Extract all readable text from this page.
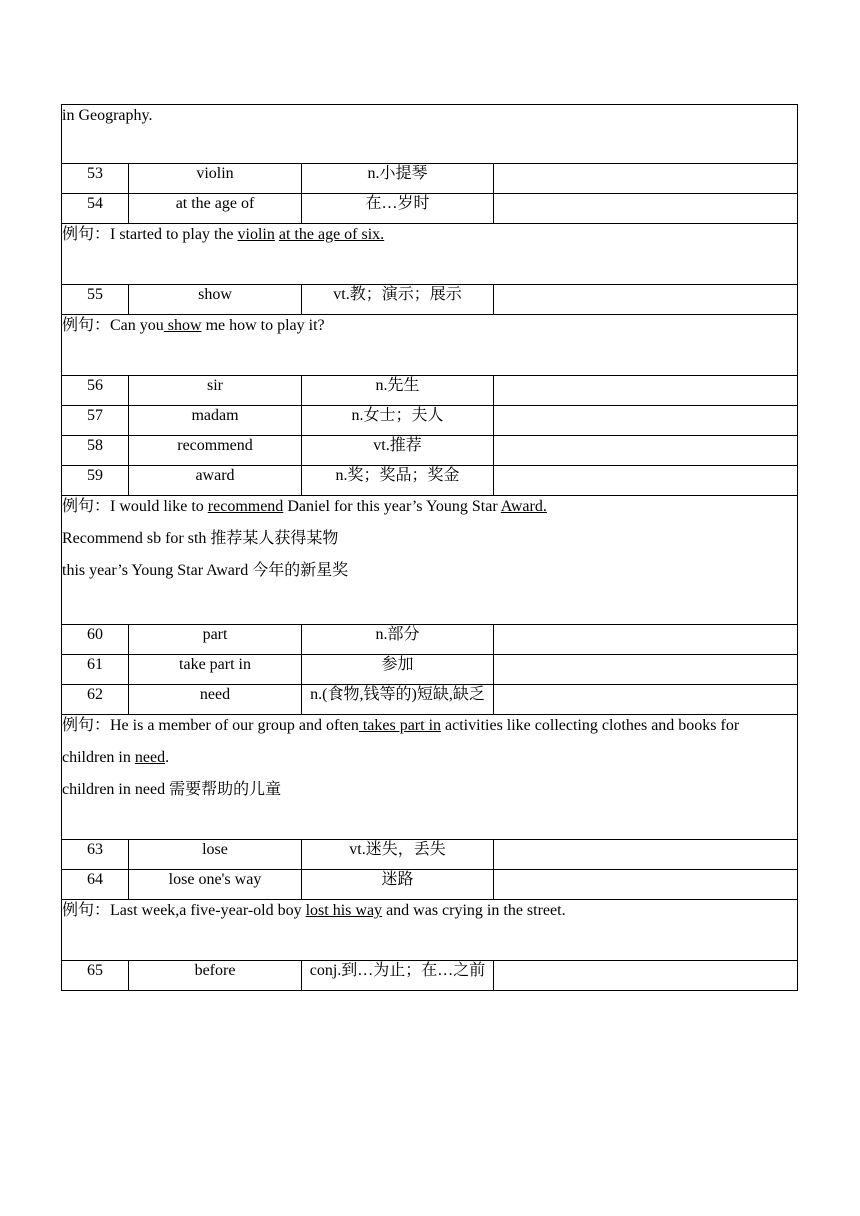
in Geography.			

53	violin	n.小提琴	
54	at the age of	在…岁时	

例句：I started to play the violin at the age of six.			

55	show	vt.教；演示；展示	

例句：Can you show me how to play it?			

56	sir	n.先生	
57	madam	n.女士；夫人	
58	recommend	vt.推荐	
59	award	n.奖；奖品；奖金	

例句：I would like to recommend Daniel for this year’s Young Star Award.
Recommend sb for sth 推荐某人获得某物
this year’s Young Star Award 今年的新星奖			

60	part	n.部分	
61	take part in	参加	
62	need	n.(食物,钱等的)短缺,缺乏	

例句：He is a member of our group and often takes part in activities like collecting clothes and books for
children in need.
children in need 需要帮助的儿童			

63	lose	vt.迷失，丢失	
64	lose one's way	迷路	

例句：Last week,a five-year-old boy lost his way and was crying in the street.			

65	before	conj.到…为止；在…之前	
